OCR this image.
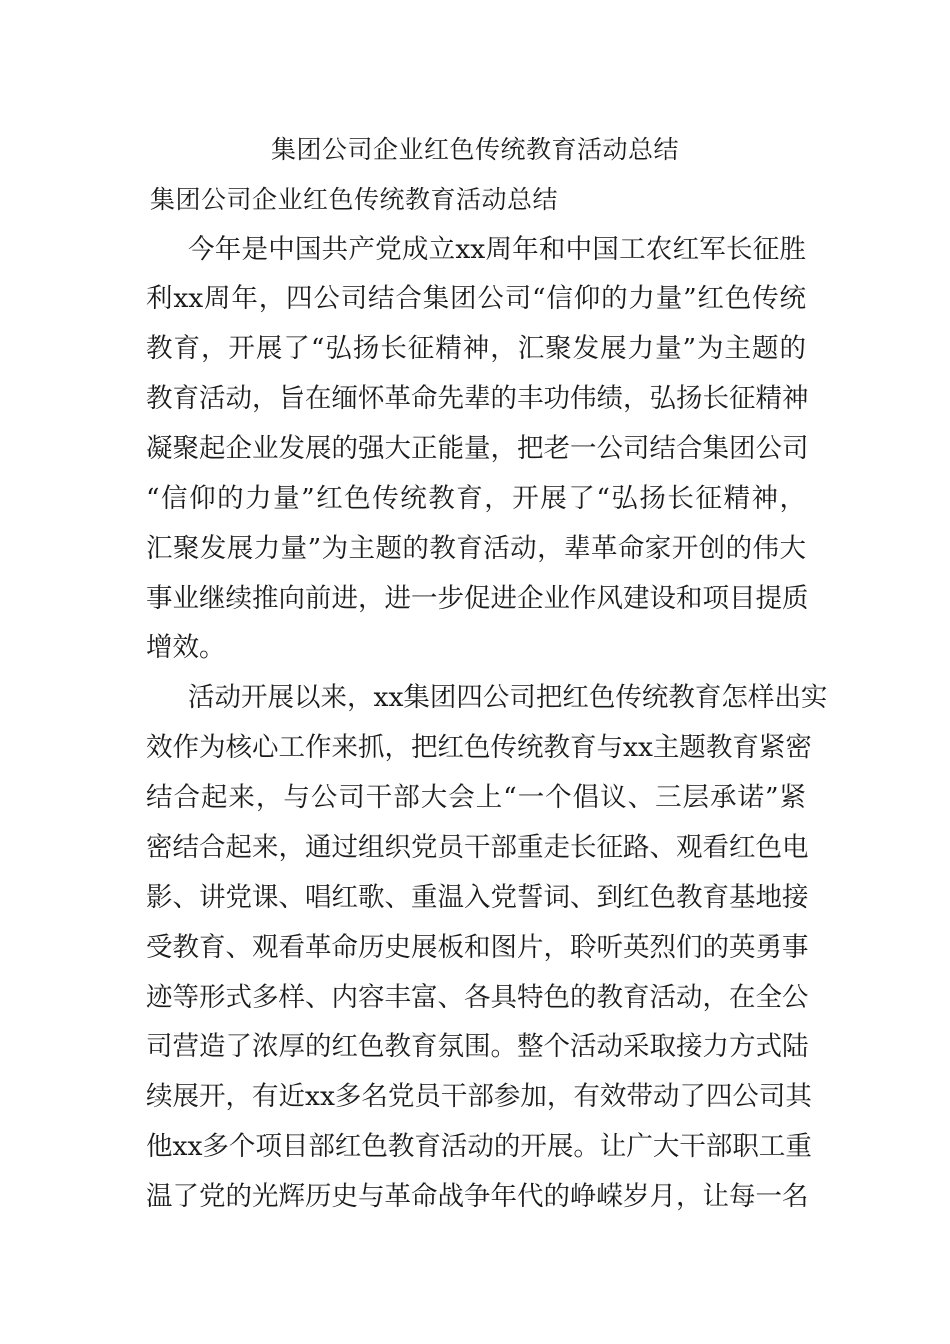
集团公司企业红色传统教育活动总结
集团公司企业红色传统教育活动总结
今年是中国共产党成立xx周年和中国工农红军长征胜
利xx周年，四公司结合集团公司“信仰的力量”红色传统
教育，开展了“弘扬长征精神，汇聚发展力量”为主题的
教育活动，旨在缅怀革命先辈的丰功伟绩，弘扬长征精神
凝聚起企业发展的强大正能量，把老一公司结合集团公司
“信仰的力量”红色传统教育，开展了“弘扬长征精神，
汇聚发展力量”为主题的教育活动，辈革命家开创的伟大
事业继续推向前进，进一步促进企业作风建设和项目提质
增效。
活动开展以来，xx集团四公司把红色传统教育怎样出实
效作为核心工作来抓，把红色传统教育与xx主题教育紧密
结合起来，与公司干部大会上“一个倡议、三层承诺”紧
密结合起来，通过组织党员干部重走长征路、观看红色电
影、讲党课、唱红歌、重温入党誓词、到红色教育基地接
受教育、观看革命历史展板和图片，聆听英烈们的英勇事
迹等形式多样、内容丰富、各具特色的教育活动，在全公
司营造了浓厚的红色教育氛围。整个活动采取接力方式陆
续展开，有近xx多名党员干部参加，有效带动了四公司其
他xx多个项目部红色教育活动的开展。让广大干部职工重
温了党的光辉历史与革命战争年代的峥嵘岁月，让每一名
